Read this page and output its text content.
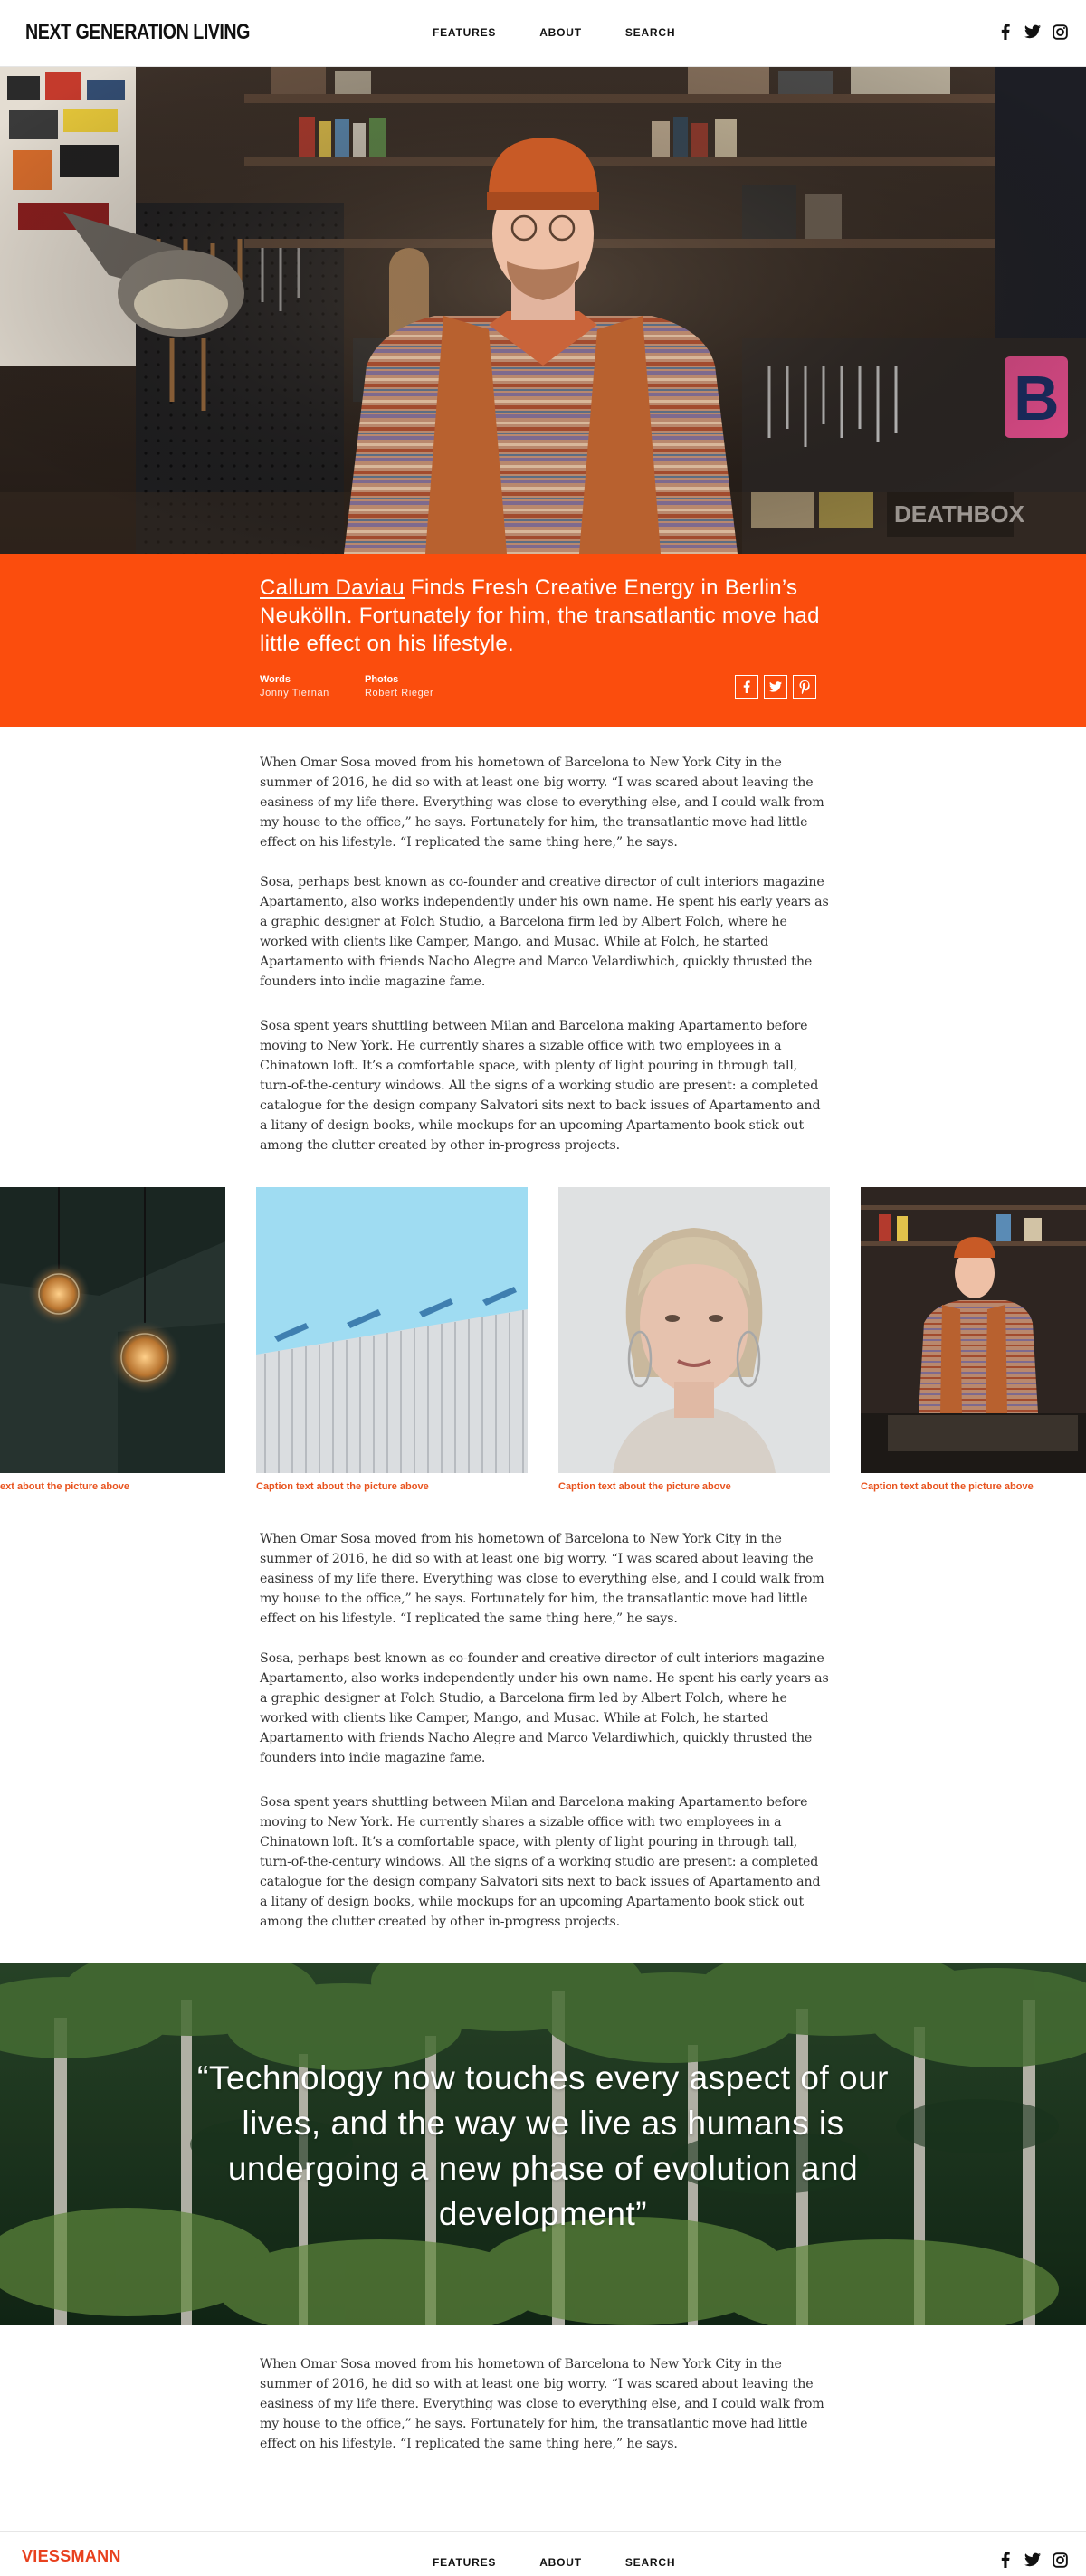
NEXT GENERATION LIVING	FEATURES	ABOUT	SEARCH
Callum Daviau Finds Fresh Creative Energy in Berlin’s Neukölln. Fortunately for him, the transatlantic move had little effect on his lifestyle.
Words
Jonny Tiernan
Photos
Robert Rieger

When Omar Sosa moved from his hometown of Barcelona to New York City in the summer of 2016, he did so with at least one big worry. “I was scared about leaving the easiness of my life there. Everything was close to everything else, and I could walk from my house to the office,” he says. Fortunately for him, the transatlantic move had little effect on his lifestyle. “I replicated the same thing here,” he says.

Sosa, perhaps best known as co-founder and creative director of cult interiors magazine Apartamento, also works independently under his own name. He spent his early years as a graphic designer at Folch Studio, a Barcelona firm led by Albert Folch, where he worked with clients like Camper, Mango, and Musac. While at Folch, he started Apartamento with friends Nacho Alegre and Marco Velardiwhich, quickly thrusted the founders into indie magazine fame.

Sosa spent years shuttling between Milan and Barcelona making Apartamento before moving to New York. He currently shares a sizable office with two employees in a Chinatown loft. It’s a comfortable space, with plenty of light pouring in through tall, turn-of-the-century windows. All the signs of a working studio are present: a completed catalogue for the design company Salvatori sits next to back issues of Apartamento and a litany of design books, while mockups for an upcoming Apartamento book stick out among the clutter created by other in-progress projects.

ext about the picture above	Caption text about the picture above	Caption text about the picture above	Caption text about the picture above

When Omar Sosa moved from his hometown of Barcelona to New York City in the summer of 2016, he did so with at least one big worry. “I was scared about leaving the easiness of my life there. Everything was close to everything else, and I could walk from my house to the office,” he says. Fortunately for him, the transatlantic move had little effect on his lifestyle. “I replicated the same thing here,” he says.

Sosa, perhaps best known as co-founder and creative director of cult interiors magazine Apartamento, also works independently under his own name. He spent his early years as a graphic designer at Folch Studio, a Barcelona firm led by Albert Folch, where he worked with clients like Camper, Mango, and Musac. While at Folch, he started Apartamento with friends Nacho Alegre and Marco Velardiwhich, quickly thrusted the founders into indie magazine fame.

Sosa spent years shuttling between Milan and Barcelona making Apartamento before moving to New York. He currently shares a sizable office with two employees in a Chinatown loft. It’s a comfortable space, with plenty of light pouring in through tall, turn-of-the-century windows. All the signs of a working studio are present: a completed catalogue for the design company Salvatori sits next to back issues of Apartamento and a litany of design books, while mockups for an upcoming Apartamento book stick out among the clutter created by other in-progress projects.

“Technology now touches every aspect of our lives, and the way we live as humans is undergoing a new phase of evolution and development”

When Omar Sosa moved from his hometown of Barcelona to New York City in the summer of 2016, he did so with at least one big worry. “I was scared about leaving the easiness of my life there. Everything was close to everything else, and I could walk from my house to the office,” he says. Fortunately for him, the transatlantic move had little effect on his lifestyle. “I replicated the same thing here,” he says.

VIESSMANN	FEATURES	ABOUT	SEARCH
